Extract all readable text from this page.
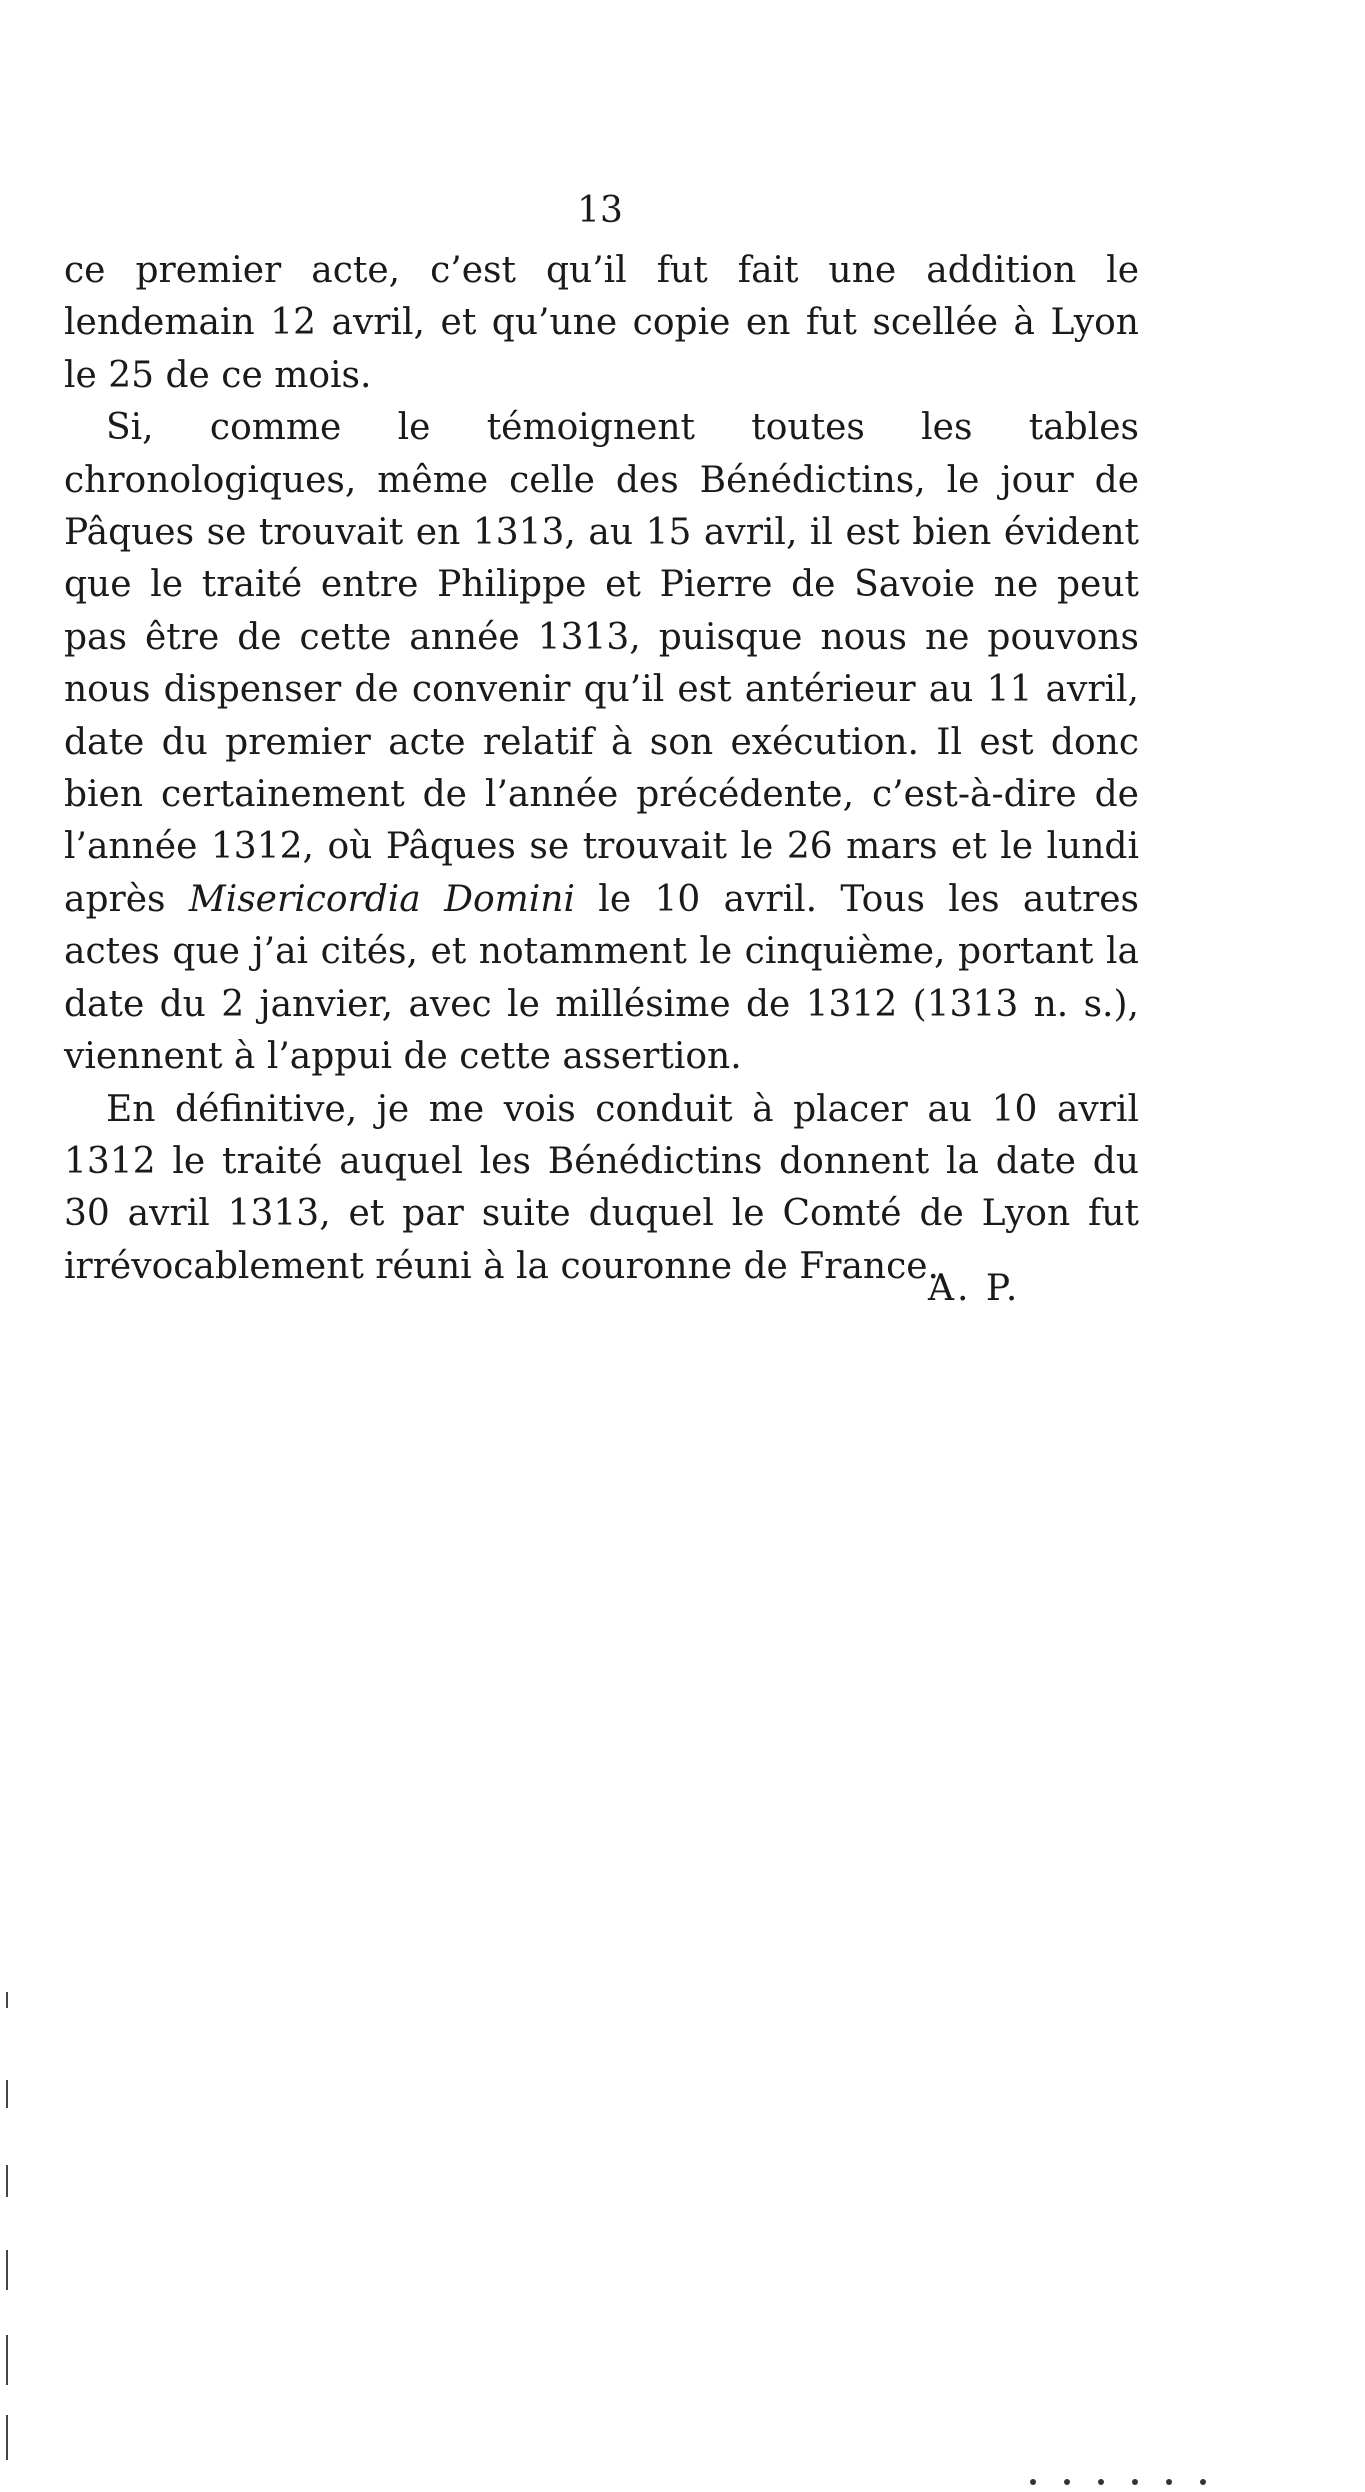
13

ce premier acte, c’est qu’il fut fait une addition le lendemain 12 avril, et qu’une copie en fut scellée à Lyon le 25 de ce mois.

Si, comme le témoignent toutes les tables chronologiques, même celle des Bénédictins, le jour de Pâques se trouvait en 1313, au 15 avril, il est bien évident que le traité entre Philippe et Pierre de Savoie ne peut pas être de cette année 1313, puisque nous ne pouvons nous dispenser de convenir qu’il est antérieur au 11 avril, date du premier acte relatif à son exécution. Il est donc bien certainement de l’année précédente, c’est-à-dire de l’année 1312, où Pâques se trouvait le 26 mars et le lundi après Misericordia Domini le 10 avril. Tous les autres actes que j’ai cités, et notamment le cinquième, portant la date du 2 janvier, avec le millésime de 1312 (1313 n. s.), viennent à l’appui de cette assertion.

En définitive, je me vois conduit à placer au 10 avril 1312 le traité auquel les Bénédictins donnent la date du 30 avril 1313, et par suite duquel le Comté de Lyon fut irrévocablement réuni à la couronne de France.

A. P.
